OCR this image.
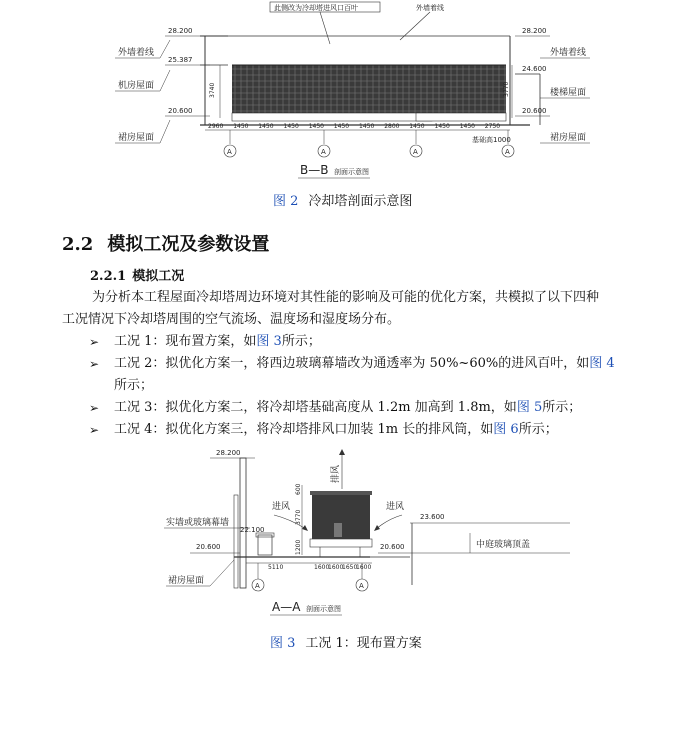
此侧改为冷却塔进风口百叶	外墙着线
28.200
25.387
20.600
外墙着线
机房屋面
裙房屋面
3740	3770
28.200
24.600
20.600
外墙着线
楼梯屋面
裙房屋面
2960 1450 1450 1450 1450 1450 1450 2800 1450 1450 1450 2750
基础高1000
A	A	A	A
B—B 剖面示意图
图 2 冷却塔剖面示意图
2.2 模拟工况及参数设置
2.2.1 模拟工况
为分析本工程屋面冷却塔周边环境对其性能的影响及可能的优化方案，共模拟了以下四种
工况情况下冷却塔周围的空气流场、温度场和湿度场分布。
➢ 工况 1：现布置方案，如图 3所示；
➢ 工况 2：拟优化方案一，将西边玻璃幕墙改为通透率为 50%~60%的进风百叶，如图 4
所示；
➢ 工况 3：拟优化方案二，将冷却塔基础高度从 1.2m 加高到 1.8m，如图 5所示；
➢ 工况 4：拟优化方案三，将冷却塔排风口加装 1m 长的排风筒，如图 6所示；
28.200
实墙或玻璃幕墙
22.100
20.600
裙房屋面
600
3770
1200
排风
进风	进风
23.600
20.600	中庭玻璃顶盖
5110	1600
1600
1650
1600
A	A
A—A 剖面示意图
图 3 工况 1：现布置方案
